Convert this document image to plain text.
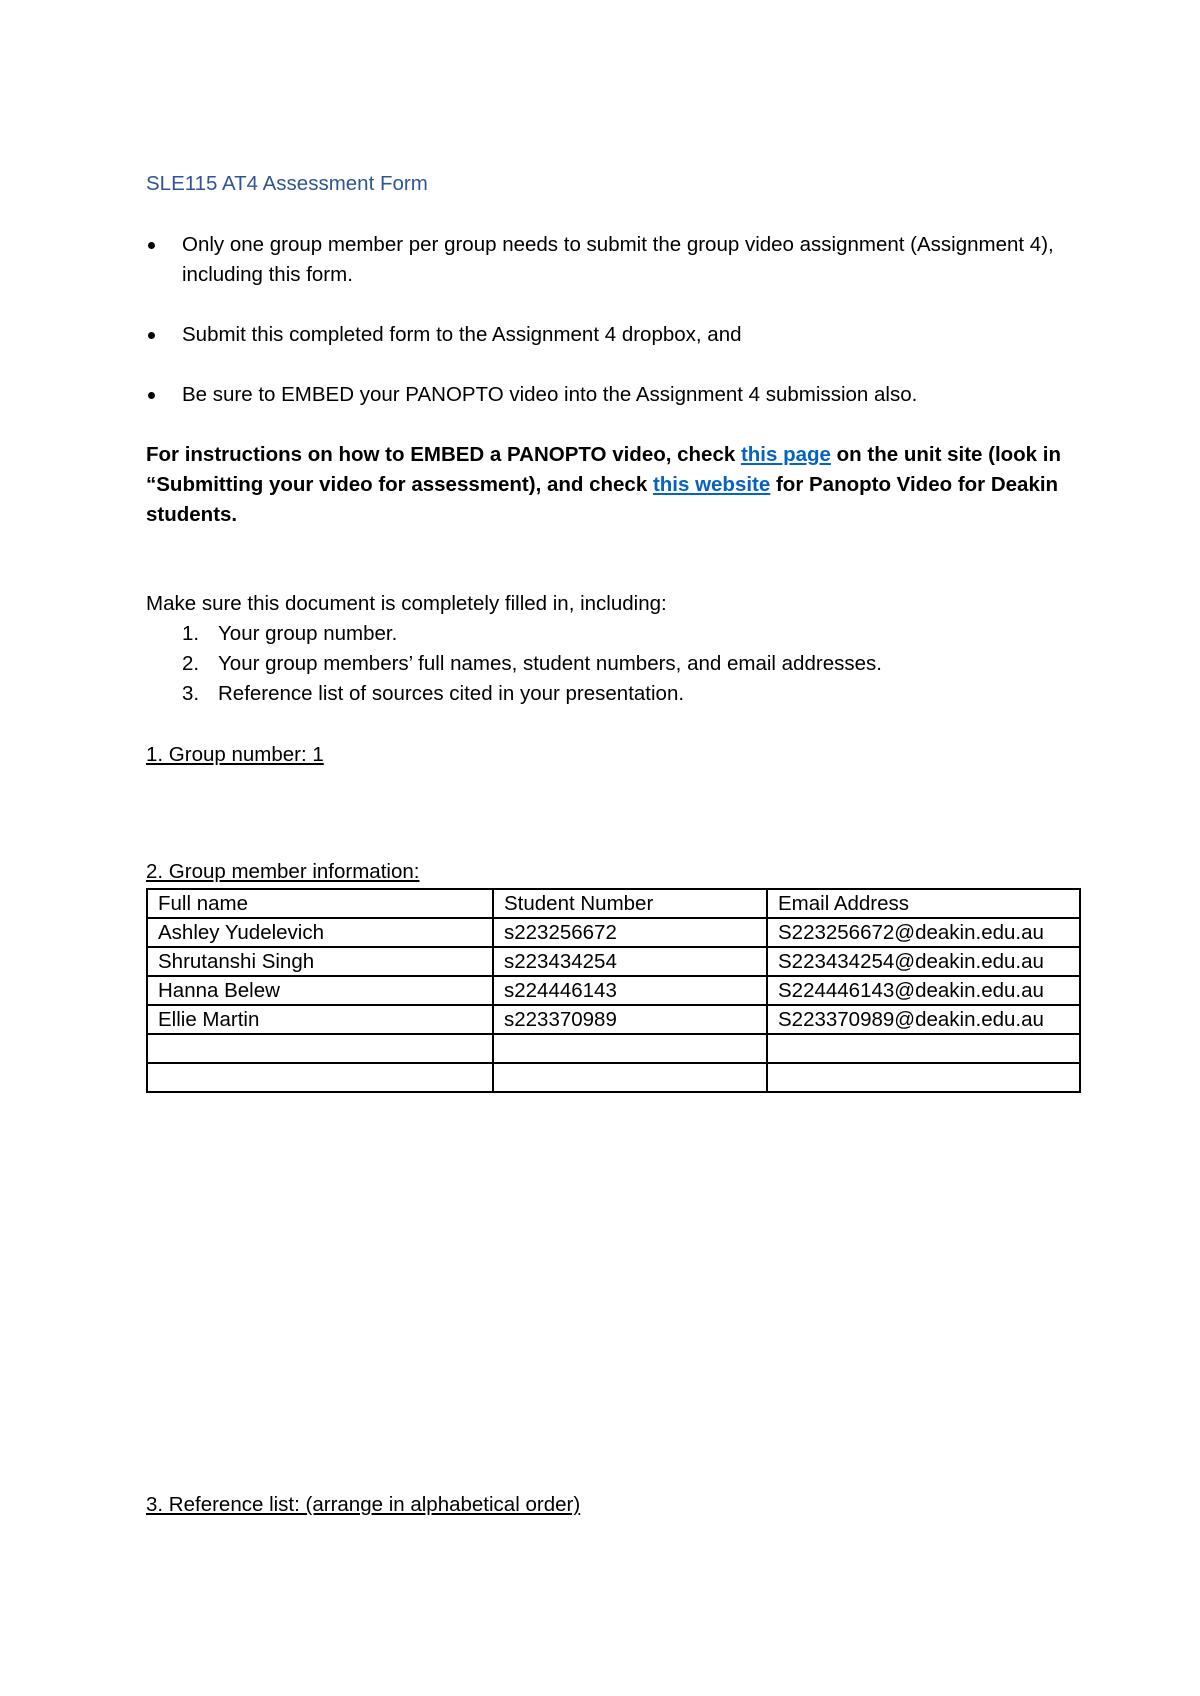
SLE115 AT4 Assessment Form
Only one group member per group needs to submit the group video assignment (Assignment 4), including this form.
Submit this completed form to the Assignment 4 dropbox, and
Be sure to EMBED your PANOPTO video into the Assignment 4 submission also.
For instructions on how to EMBED a PANOPTO video, check this page on the unit site (look in “Submitting your video for assessment), and check this website for Panopto Video for Deakin students.
Make sure this document is completely filled in, including:
1. Your group number.
2. Your group members’ full names, student numbers, and email addresses.
3. Reference list of sources cited in your presentation.
1. Group number: 1
2. Group member information:
Full name	Student Number	Email Address
Ashley Yudelevich	s223256672	S223256672@deakin.edu.au
Shrutanshi Singh	s223434254	S223434254@deakin.edu.au
Hanna Belew	s224446143	S224446143@deakin.edu.au
Ellie Martin	s223370989	S223370989@deakin.edu.au

3. Reference list: (arrange in alphabetical order)
